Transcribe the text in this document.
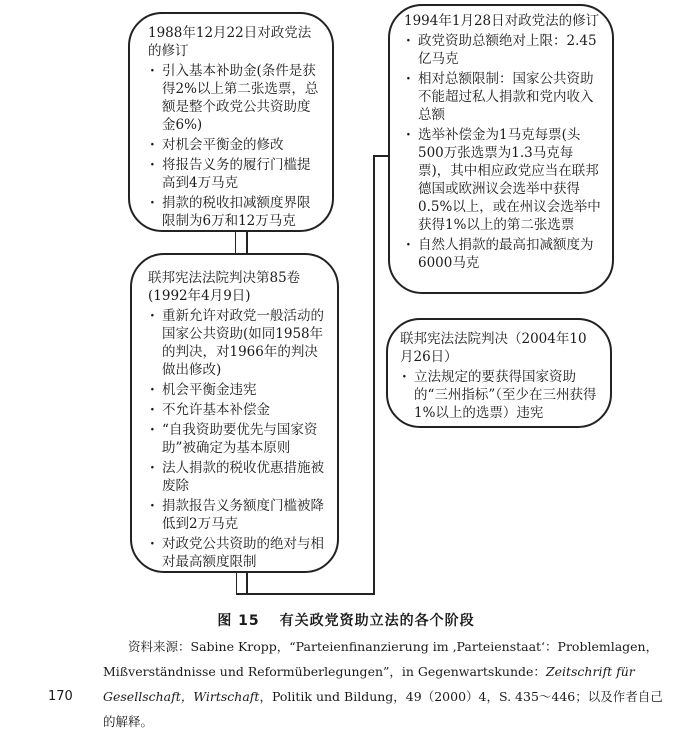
1988年12月22日对政党法的修订
· 引入基本补助金(条件是获得2%以上第二张选票，总额是整个政党公共资助度金6%)
· 对机会平衡金的修改
· 将报告义务的履行门槛提高到4万马克
· 捐款的税收扣减额度界限限制为6万和12万马克
联邦宪法法院判决第85卷(1992年4月9日)
· 重新允许对政党一般活动的国家公共资助(如同1958年的判决，对1966年的判决做出修改)
· 机会平衡金违宪
· 不允许基本补偿金
· “自我资助要优先与国家资助”被确定为基本原则
· 法人捐款的税收优惠措施被废除
· 捐款报告义务额度门槛被降低到2万马克
· 对政党公共资助的绝对与相对最高额度限制
1994年1月28日对政党法的修订
· 政党资助总额绝对上限：2.45亿马克
· 相对总额限制：国家公共资助不能超过私人捐款和党内收入总额
· 选举补偿金为1马克每票(头500万张选票为1.3马克每票)，其中相应政党应当在联邦德国或欧洲议会选举中获得0.5%以上，或在州议会选举中获得1%以上的第二张选票
· 自然人捐款的最高扣减额度为6000马克
联邦宪法法院判决（2004年10月26日）
· 立法规定的要获得国家资助的“三州指标”（至少在三州获得1%以上的选票）违宪
图 15 有关政党资助立法的各个阶段
资料来源：Sabine Kropp，“Parteienfinanzierung im ‚Parteienstaat‘：Problemlagen，Mißverständnisse und Reformüberlegungen”，in Gegenwartskunde：Zeitschrift für Gesellschaft，Wirtschaft，Politik und Bildung，49（2000）4，S. 435～446；以及作者自己的解释。
170
